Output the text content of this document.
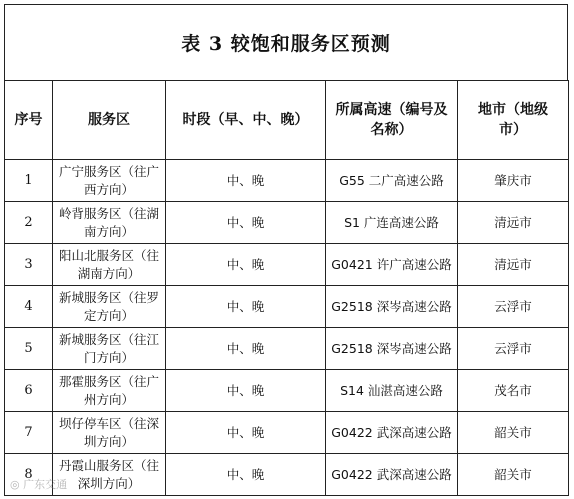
表 3 较饱和服务区预测
序号	服务区	时段（早、中、晚）	所属高速（编号及名称）	地市（地级市）
1	广宁服务区（往广西方向）	中、晚	G55 二广高速公路	肇庆市
2	岭背服务区（往湖南方向）	中、晚	S1 广连高速公路	清远市
3	阳山北服务区（往湖南方向）	中、晚	G0421 许广高速公路	清远市
4	新城服务区（往罗定方向）	中、晚	G2518 深岑高速公路	云浮市
5	新城服务区（往江门方向）	中、晚	G2518 深岑高速公路	云浮市
6	那霍服务区（往广州方向）	中、晚	S14 汕湛高速公路	茂名市
7	坝仔停车区（往深圳方向）	中、晚	G0422 武深高速公路	韶关市
8	丹霞山服务区（往深圳方向）	中、晚	G0422 武深高速公路	韶关市
◎ 广东交通
